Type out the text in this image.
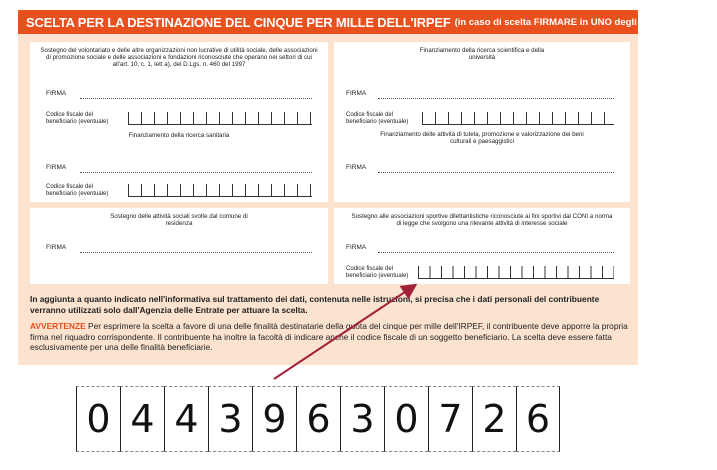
SCELTA PER LA DESTINAZIONE DEL CINQUE PER MILLE DELL'IRPEF (in caso di scelta FIRMARE in UNO degli spazi sottostanti)
Sostegno del volontariato e delle altre organizzazioni non lucrative di utilità sociale, delle associazioni di promozione sociale e delle associazioni e fondazioni riconosciute che operano nei settori di cui all'art. 10, c. 1, lett a), del D.Lgs. n. 460 del 1997
FIRMA
Codice fiscale del
beneficiario (eventuale)
Finanziamento della ricerca scientifica e della università
FIRMA
Codice fiscale del
beneficiario (eventuale)
Finanziamento della ricerca sanitaria
FIRMA
Codice fiscale del
beneficiario (eventuale)
Finanziamento delle attività di tutela, promozione e valorizzazione dei beni culturali e paesaggistici
FIRMA
Sostegno delle attività sociali svolte dal comune di residenza
FIRMA
Sostegno alle associazioni sportive dilettantistiche riconosciute ai fini sportivi dal CONI a norma di legge che svolgono una rilevante attività di interesse sociale
FIRMA
Codice fiscale del
beneficiario (eventuale)
In aggiunta a quanto indicato nell'informativa sul trattamento dei dati, contenuta nelle istruzioni, si precisa che i dati personali del contribuente verranno utilizzati solo dall'Agenzia delle Entrate per attuare la scelta.
AVVERTENZE Per esprimere la scelta a favore di una delle finalità destinatarie della quota del cinque per mille dell'IRPEF, il contribuente deve apporre la propria firma nel riquadro corrispondente. Il contribuente ha inoltre la facoltà di indicare anche il codice fiscale di un soggetto beneficiario. La scelta deve essere fatta esclusivamente per una delle finalità beneficiarie.
0 4 4 3 9 6 3 0 7 2 6
